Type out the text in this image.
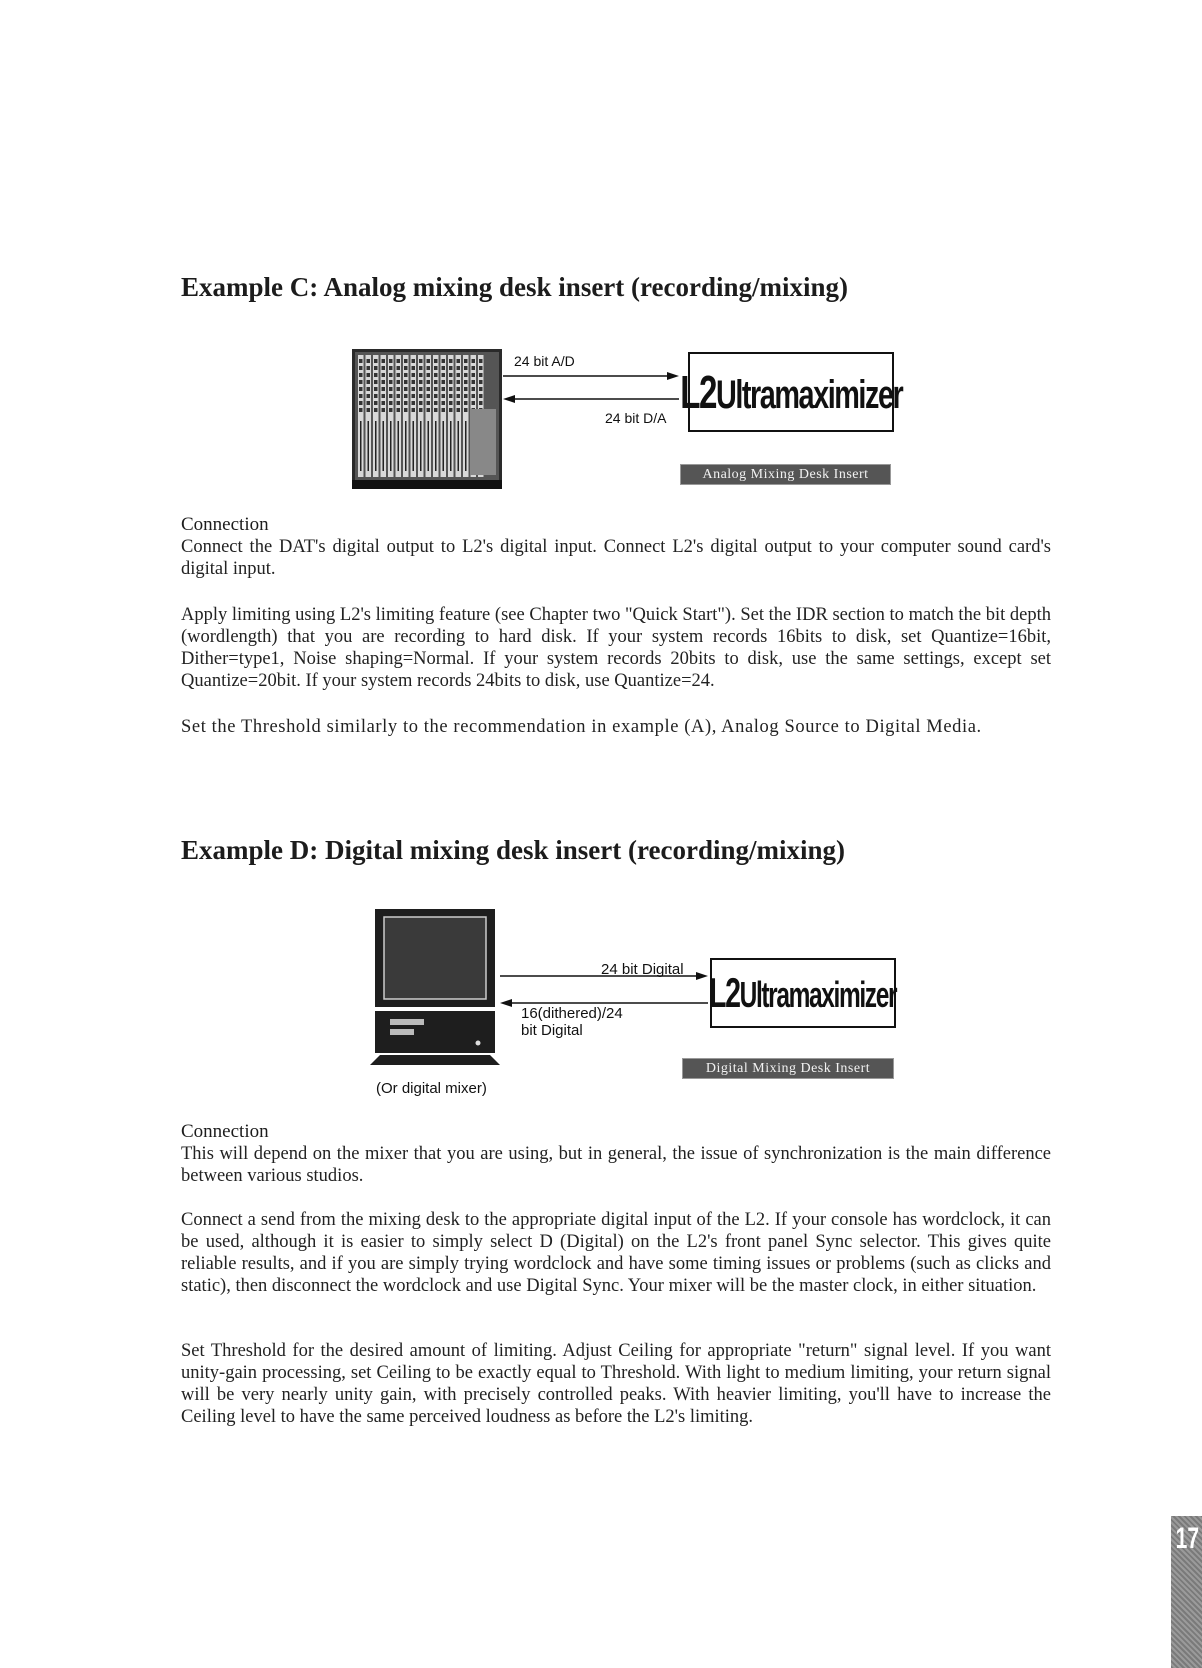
Example C: Analog mixing desk insert (recording/mixing)
24 bit A/D
24 bit D/A L2Ultramaximizer
Analog Mixing Desk Insert
Connection
Connect the DAT's digital output to L2's digital input. Connect L2's digital output to your computer sound card's digital input.
Apply limiting using L2's limiting feature (see Chapter two "Quick Start"). Set the IDR section to match the bit depth (wordlength) that you are recording to hard disk. If your system records 16bits to disk, set Quantize=16bit, Dither=type1, Noise shaping=Normal. If your system records 20bits to disk, use the same settings, except set Quantize=20bit. If your system records 24bits to disk, use Quantize=24.
Set the Threshold similarly to the recommendation in example (A), Analog Source to Digital Media.
Example D: Digital mixing desk insert (recording/mixing)
(Or digital mixer)
24 bit Digital
16(dithered)/24
bit Digital
L2Ultramaximizer
Digital Mixing Desk Insert
Connection
This will depend on the mixer that you are using, but in general, the issue of synchronization is the main difference between various studios.
Connect a send from the mixing desk to the appropriate digital input of the L2. If your console has wordclock, it can be used, although it is easier to simply select D (Digital) on the L2's front panel Sync selector. This gives quite reliable results, and if you are simply trying wordclock and have some timing issues or problems (such as clicks and static), then disconnect the wordclock and use Digital Sync. Your mixer will be the master clock, in either situation.
Set Threshold for the desired amount of limiting. Adjust Ceiling for appropriate "return" signal level. If you want unity-gain processing, set Ceiling to be exactly equal to Threshold. With light to medium limiting, your return signal will be very nearly unity gain, with precisely controlled peaks. With heavier limiting, you'll have to increase the Ceiling level to have the same perceived loudness as before the L2's limiting.
17
